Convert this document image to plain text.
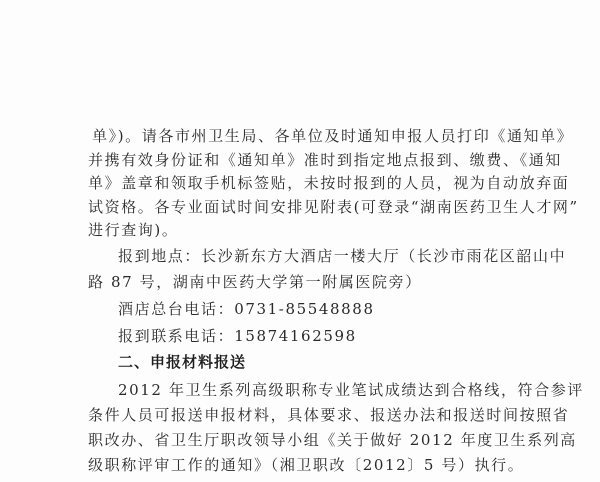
单》)。请各市州卫生局、各单位及时通知申报人员打印《通知单》
并携有效身份证和《通知单》准时到指定地点报到、缴费、《通知
单》盖章和领取手机标签贴，未按时报到的人员，视为自动放弃面
试资格。各专业面试时间安排见附表(可登录“湖南医药卫生人才网”
进行查询)。
报到地点：长沙新东方大酒店一楼大厅（长沙市雨花区韶山中
路 87 号，湖南中医药大学第一附属医院旁）
酒店总台电话：0731-85548888
报到联系电话：15874162598
二、申报材料报送
2012 年卫生系列高级职称专业笔试成绩达到合格线，符合参评
条件人员可报送申报材料，具体要求、报送办法和报送时间按照省
职改办、省卫生厅职改领导小组《关于做好 2012 年度卫生系列高
级职称评审工作的通知》（湘卫职改〔2012〕5 号）执行。
